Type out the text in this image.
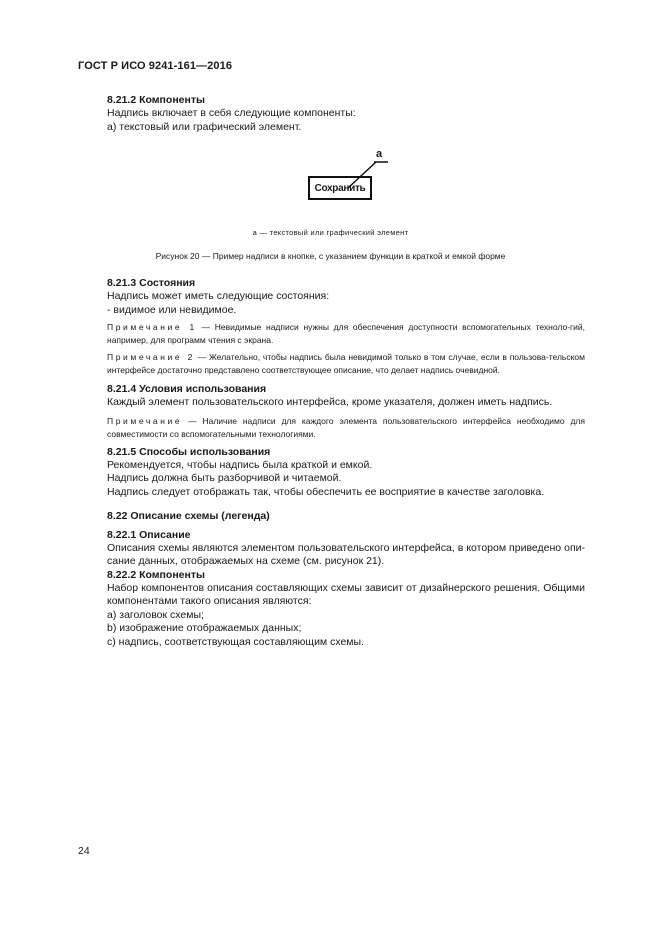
ГОСТ Р ИСО 9241-161—2016
8.21.2 Компоненты
Надпись включает в себя следующие компоненты:
а) текстовый или графический элемент.
а
Сохранить
а — текстовый или графический элемент
Рисунок 20 — Пример надписи в кнопке, с указанием функции в краткой и емкой форме
8.21.3 Состояния
Надпись может иметь следующие состояния:
- видимое или невидимое.
Примечание 1 — Невидимые надписи нужны для обеспечения доступности вспомогательных техноло-гий, например, для программ чтения с экрана.
Примечание 2 — Желательно, чтобы надпись была невидимой только в том случае, если в пользова-тельском интерфейсе достаточно представлено соответствующее описание, что делает надпись очевидной.
8.21.4 Условия использования
Каждый элемент пользовательского интерфейса, кроме указателя, должен иметь надпись.
Примечание — Наличие надписи для каждого элемента пользовательского интерфейса необходимо для совместимости со вспомогательными технологиями.
8.21.5 Способы использования
Рекомендуется, чтобы надпись была краткой и емкой.
Надпись должна быть разборчивой и читаемой.
Надпись следует отображать так, чтобы обеспечить ее восприятие в качестве заголовка.
8.22 Описание схемы (легенда)
8.22.1 Описание
Описания схемы являются элементом пользовательского интерфейса, в котором приведено опи-сание данных, отображаемых на схеме (см. рисунок 21).
8.22.2 Компоненты
Набор компонентов описания составляющих схемы зависит от дизайнерского решения. Общими компонентами такого описания являются:
а) заголовок схемы;
b) изображение отображаемых данных;
c) надпись, соответствующая составляющим схемы.
24
